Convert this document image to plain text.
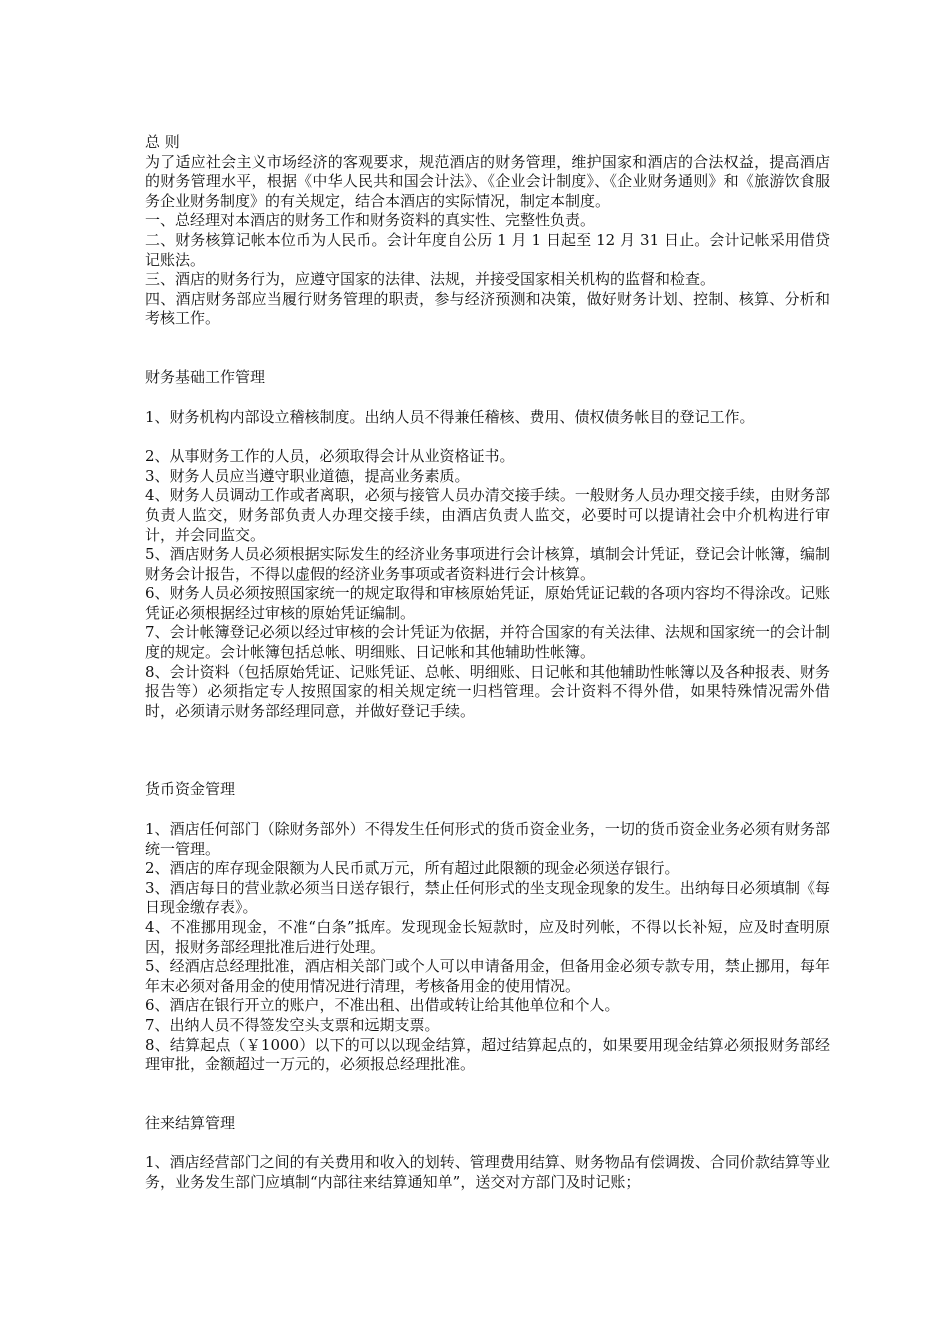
总 则

为了适应社会主义市场经济的客观要求，规范酒店的财务管理，维护国家和酒店的合法权益，提高酒店的财务管理水平，根据《中华人民共和国会计法》、《企业会计制度》、《企业财务通则》和《旅游饮食服务企业财务制度》的有关规定，结合本酒店的实际情况，制定本制度。

一、总经理对本酒店的财务工作和财务资料的真实性、完整性负责。

二、财务核算记帐本位币为人民币。会计年度自公历 1 月 1 日起至 12 月 31 日止。会计记帐采用借贷记账法。

三、酒店的财务行为，应遵守国家的法律、法规，并接受国家相关机构的监督和检查。

四、酒店财务部应当履行财务管理的职责，参与经济预测和决策，做好财务计划、控制、核算、分析和考核工作。

财务基础工作管理

1、财务机构内部设立稽核制度。出纳人员不得兼任稽核、费用、债权债务帐目的登记工作。

2、从事财务工作的人员，必须取得会计从业资格证书。

3、财务人员应当遵守职业道德，提高业务素质。

4、财务人员调动工作或者离职，必须与接管人员办清交接手续。一般财务人员办理交接手续，由财务部负责人监交，财务部负责人办理交接手续，由酒店负责人监交，必要时可以提请社会中介机构进行审计，并会同监交。

5、酒店财务人员必须根据实际发生的经济业务事项进行会计核算，填制会计凭证，登记会计帐簿，编制财务会计报告，不得以虚假的经济业务事项或者资料进行会计核算。

6、财务人员必须按照国家统一的规定取得和审核原始凭证，原始凭证记载的各项内容均不得涂改。记账凭证必须根据经过审核的原始凭证编制。

7、会计帐簿登记必须以经过审核的会计凭证为依据，并符合国家的有关法律、法规和国家统一的会计制度的规定。会计帐簿包括总帐、明细账、日记帐和其他辅助性帐簿。

8、会计资料（包括原始凭证、记账凭证、总帐、明细账、日记帐和其他辅助性帐簿以及各种报表、财务报告等）必须指定专人按照国家的相关规定统一归档管理。会计资料不得外借，如果特殊情况需外借时，必须请示财务部经理同意，并做好登记手续。

货币资金管理

1、酒店任何部门（除财务部外）不得发生任何形式的货币资金业务，一切的货币资金业务必须有财务部统一管理。

2、酒店的库存现金限额为人民币贰万元，所有超过此限额的现金必须送存银行。

3、酒店每日的营业款必须当日送存银行，禁止任何形式的坐支现金现象的发生。出纳每日必须填制《每日现金缴存表》。

4、不准挪用现金，不准“白条”抵库。发现现金长短款时，应及时列帐，不得以长补短，应及时查明原因，报财务部经理批准后进行处理。

5、经酒店总经理批准，酒店相关部门或个人可以申请备用金，但备用金必须专款专用，禁止挪用，每年年末必须对备用金的使用情况进行清理，考核备用金的使用情况。

6、酒店在银行开立的账户，不准出租、出借或转让给其他单位和个人。

7、出纳人员不得签发空头支票和远期支票。

8、结算起点（￥1000）以下的可以以现金结算，超过结算起点的，如果要用现金结算必须报财务部经理审批，金额超过一万元的，必须报总经理批准。

往来结算管理

1、酒店经营部门之间的有关费用和收入的划转、管理费用结算、财务物品有偿调拨、合同价款结算等业务，业务发生部门应填制“内部往来结算通知单”，送交对方部门及时记账；
